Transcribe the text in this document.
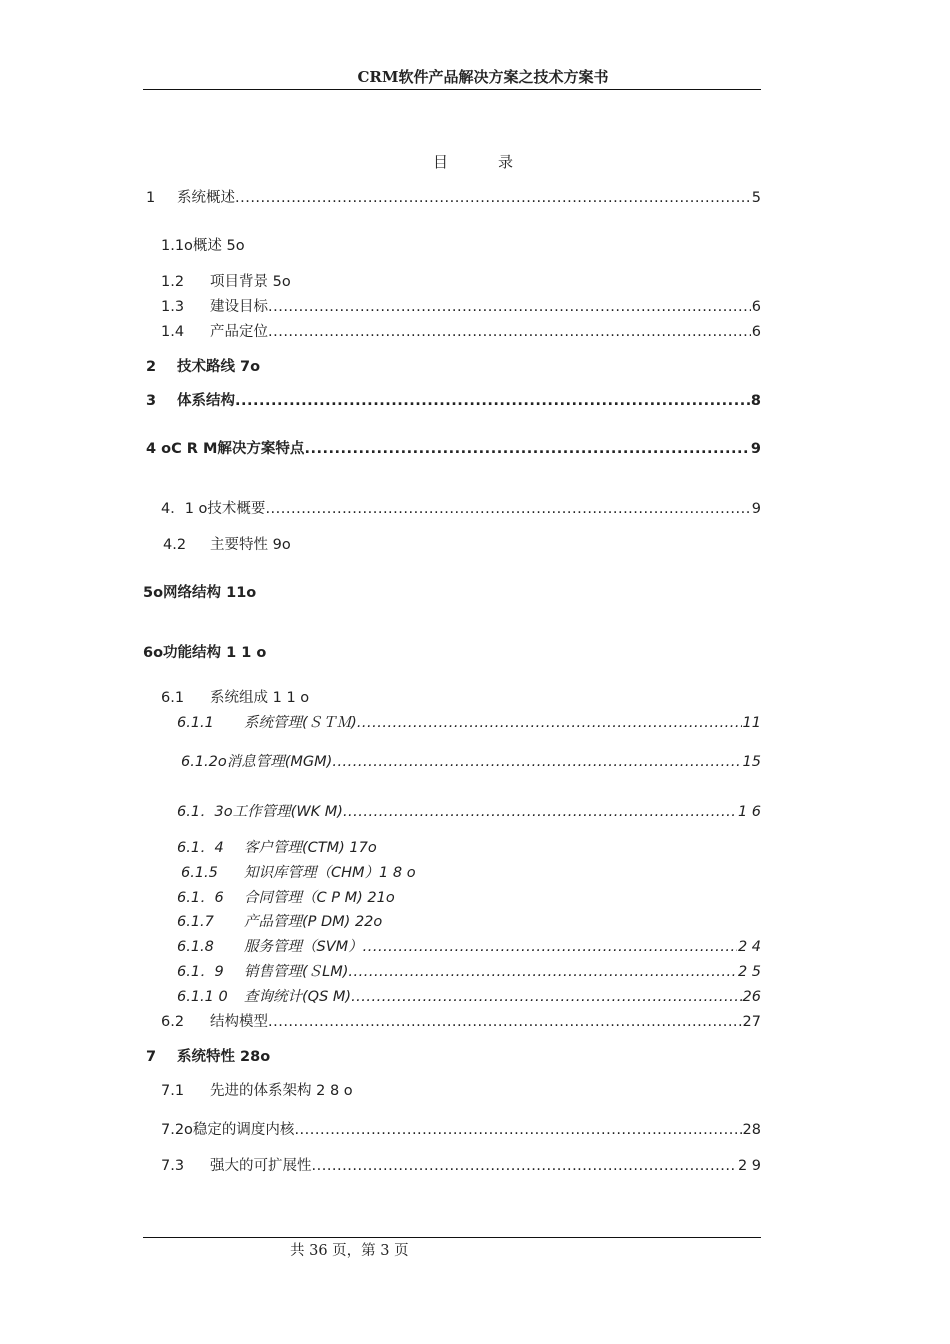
CRM软件产品解决方案之技术方案书
目	录
1	系统概述 .....	5
1.1o概述 5o
1.2	项目背景 5o
1.3	建设目标 .....	6
1.4	产品定位 .....	6
2	技术路线 7o
3	体系结构 .....	8
4 oC R M解决方案特点 .....	9
4．1 o技术概要 .....	9
4.2	主要特性 9o
5o网络结构 11o
6o功能结构 1 1 o
6.1	系统组成 1 1 o
6.1.1	系统管理(ＳＴＭ) .....	11
6.1.2o消息管理(MGM) .....	15
6.1．3o工作管理(WK M) .....	1 6
6.1．4	客户管理(CTM) 17o
6.1.5	知识库管理（CHM）1 8 o
6.1．6	合同管理（C P M) 21o
6.1.7	产品管理(P DM) 22o
6.1.8	服务管理（SVM） .....	2 4
6.1．9	销售管理(ＳLM) .....	2 5
6.1.1 0	查询统计(QS M) .....	26
6.2	结构模型 .....	27
7	系统特性 28o
7.1	先进的体系架构 2 8 o
7.2o稳定的调度内核 .....	28
7.3	强大的可扩展性 .....	2 9
共 36 页，第 3 页
